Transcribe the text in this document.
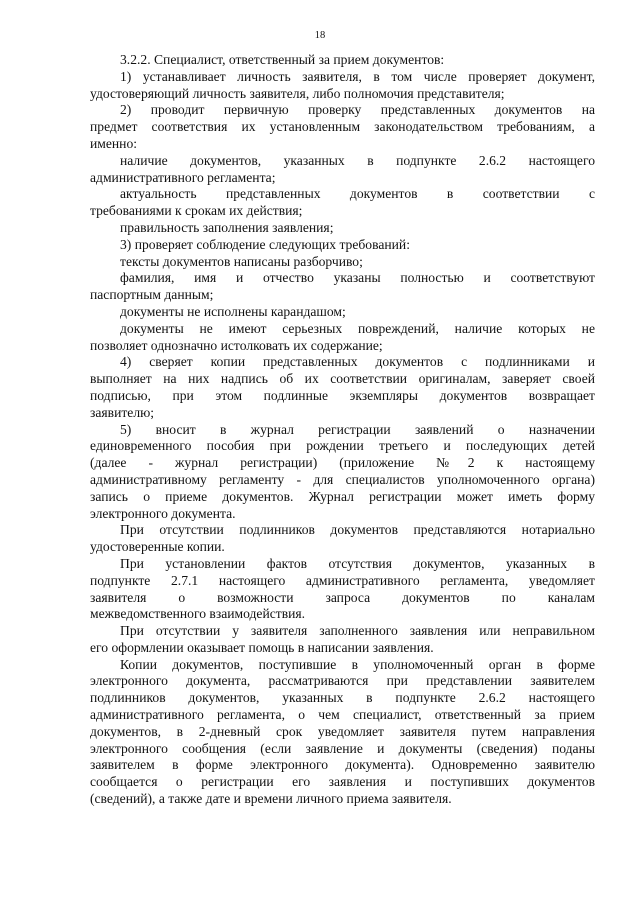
18
3.2.2. Специалист, ответственный за прием документов:
1) устанавливает личность заявителя, в том числе проверяет документ,
удостоверяющий личность заявителя, либо полномочия представителя;
2) проводит первичную проверку представленных документов на
предмет соответствия их установленным законодательством требованиям, а
именно:
наличие документов, указанных в подпункте 2.6.2 настоящего
административного регламента;
актуальность представленных документов в соответствии с
требованиями к срокам их действия;
правильность заполнения заявления;
3) проверяет соблюдение следующих требований:
тексты документов написаны разборчиво;
фамилия, имя и отчество указаны полностью и соответствуют
паспортным данным;
документы не исполнены карандашом;
документы не имеют серьезных повреждений, наличие которых не
позволяет однозначно истолковать их содержание;
4) сверяет копии представленных документов с подлинниками и
выполняет на них надпись об их соответствии оригиналам, заверяет своей
подписью, при этом подлинные экземпляры документов возвращает
заявителю;
5) вносит в журнал регистрации заявлений о назначении
единовременного пособия при рождении третьего и последующих детей
(далее - журнал регистрации) (приложение №2 к настоящему
административному регламенту - для специалистов уполномоченного органа)
запись о приеме документов. Журнал регистрации может иметь форму
электронного документа.
При отсутствии подлинников документов представляются нотариально
удостоверенные копии.
При установлении фактов отсутствия документов, указанных в
подпункте 2.7.1 настоящего административного регламента, уведомляет
заявителя о возможности запроса документов по каналам
межведомственного взаимодействия.
При отсутствии у заявителя заполненного заявления или неправильном
его оформлении оказывает помощь в написании заявления.
Копии документов, поступившие в уполномоченный орган в форме
электронного документа, рассматриваются при представлении заявителем
подлинников документов, указанных в подпункте 2.6.2 настоящего
административного регламента, о чем специалист, ответственный за прием
документов, в 2-дневный срок уведомляет заявителя путем направления
электронного сообщения (если заявление и документы (сведения) поданы
заявителем в форме электронного документа). Одновременно заявителю
сообщается о регистрации его заявления и поступивших документов
(сведений), а также дате и времени личного приема заявителя.
